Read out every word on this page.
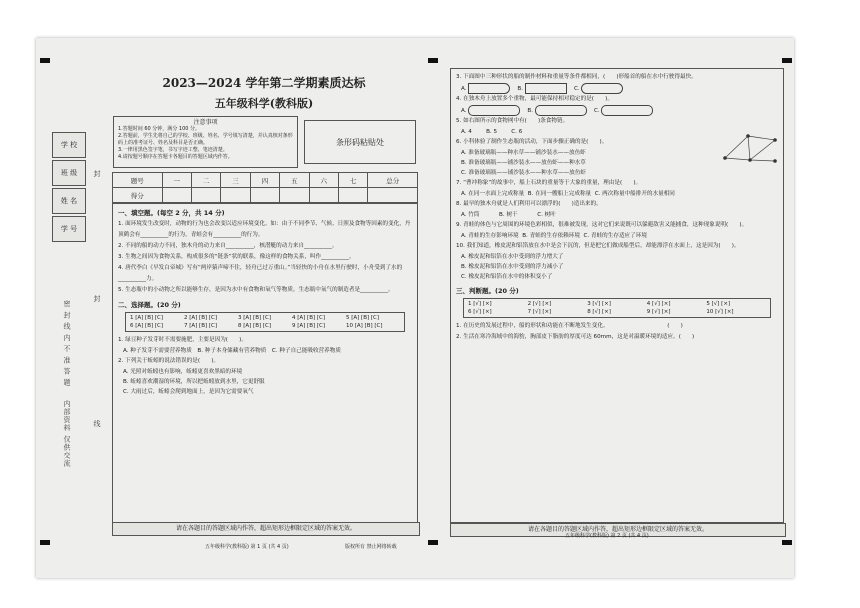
学 校
班 级
姓 名
学 号
密 封 线 内 不 准 答 题
内部资料 仅供交流
封
封
线
2023—2024 学年第二学期素质达标
五年级科学(教科版)
注意事项
1.答题时间 60 分钟，满分 100 分。
2.答题前，学生先将自己的学校、班级、姓名、学号填写清楚，并认真核对条形码上的准考证号、姓名及科目是否正确。
3.一律用黑色签字笔，书写字迹工整、笔迹清楚。
4.请按题号顺序在答题卡各题目的答题区域内作答。
条形码粘贴处
题号	一	二	三	四	五	六	七	总分
得分								
一、填空题。(每空 2 分，共 14 分)
1. 面环境发生改变时，动物的行为也会改变以适应环境变化。如：由于不同季节、气候、日照及食物等因素的变化，丹顶鹤会有__________的行为，青蛙会有__________的行为。
2. 不同的船的动力不同，独木舟的动力来自__________，核潜艇的动力来自__________。
3. 生物之间因为食物关系，构成很多的“链条”状的联系，像这样的食物关系，叫作__________。
4. 唐代李白《早发白帝城》写有“两岸猿声啼不住，轻舟已过万重山。”当轻快的小舟在水里行驶时，小舟受到了水的__________力。
5. 生态瓶中的小动物之所以能够生存，是因为水中有食物和氧气等物质。生态瓶中氧气的制造者是__________。
二、选择题。(20 分)
1 [A] [B] [C]	2 [A] [B] [C]	3 [A] [B] [C]	4 [A] [B] [C]	5 [A] [B] [C]
6 [A] [B] [C]	7 [A] [B] [C]	8 [A] [B] [C]	9 [A] [B] [C]	10 [A] [B] [C]
1. 绿豆种子发芽时不需要施肥，主要是因为(　　)。
A. 种子发芽不需要营养物质　B. 种子本身储藏有营养物质　C. 种子自己能吸收营养物质
2. 下列关于蚯蚓的说法错误的是(　　)。
A. 光照对蚯蚓也有影响，蚯蚓更喜欢黑暗的环境
B. 蚯蚓喜欢潮湿的环境，所以把蚯蚓放到水里，它更舒服
C. 大雨过后，蚯蚓会爬到地面上，是因为它需要氧气
请在各题目的答题区域内作答，超出矩形边框限定区域的答案无效。
五年级科学(教科版) 第 1 页 (共 4 页)	版权所有 禁止网络转载
3. 下面图中三种形状的船的制作材料和重量等条件都相同，(　　)形船首的船在水中行驶得最快。
A.	B.	C.
4. 在独木舟上放置多个重物，最可能保持相对稳定的是(　　)。
A.	B.	C.
5. 如右图所示的食物网中有(　　)条食物链。
A. 4	B. 5	C. 6
6. 小科体验了制作生态瓶的活动，下面步骤正确的是(　　)。
A. 准备玻璃瓶——种水草——铺沙装水——放鱼虾
B. 准备玻璃瓶——铺沙装水——放鱼虾——种水草
C. 准备玻璃瓶——铺沙装水——种水草——放鱼虾
7. “曹冲称象”的故事中，船上石块的重量等于大象的重量，理由是(　　)。
A. 在同一水面上完成称量 B. 在同一艘船上完成称量 C. 两次称量中船排开的水量相同
8. 最早的独木舟就是人们利用可以漂浮的(　　)造出来的。
A. 竹筒	B. 树干	C. 树叶
9. 青蛙的体色与它周围的环境色彩相似，很难被发现，这对它们来说既可以躲避敌害又能捕食，这种现象说明(　　)。
A. 青蛙的生存影响环境 B. 青蛙的生存依赖环境 C. 青蛙的生存适应了环境
10. 我们知道，橡皮泥和铝箔放在水中是会下沉的，但是把它们做成船型后，却能漂浮在水面上，这是因为(　　)。
A. 橡皮泥和铝箔在水中受到的浮力增大了
B. 橡皮泥和铝箔在水中受到的浮力减小了
C. 橡皮泥和铝箔在水中的体积变小了
三、判断题。(20 分)
1 [√] [×]	2 [√] [×]	3 [√] [×]	4 [√] [×]	5 [√] [×]
6 [√] [×]	7 [√] [×]	8 [√] [×]	9 [√] [×]	10 [√] [×]
1. 在历史的发展过程中，船的形状和功能在不断地发生变化。　　　　　　　　　　　(　　)
2. 生活在寒冷海域中的海豹，胸部皮下脂肪的厚度可达 60mm，这是对温暖环境的适应。(　　)
请在各题目的答题区域内作答，超出矩形边框限定区域的答案无效。
五年级科学(教科版) 第 2 页 (共 4 页)
